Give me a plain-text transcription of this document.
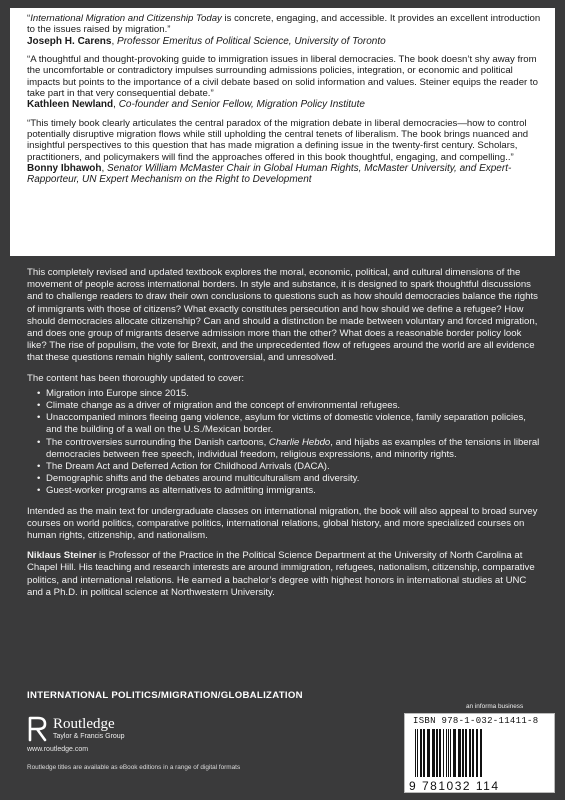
“International Migration and Citizenship Today is concrete, engaging, and accessible. It provides an excellent introduction to the issues raised by migration.”

Joseph H. Carens, Professor Emeritus of Political Science, University of Toronto

“A thoughtful and thought-provoking guide to immigration issues in liberal democracies. The book doesn’t shy away from the uncomfortable or contradictory impulses surrounding admissions policies, integration, or economic and political impacts but points to the importance of a civil debate based on solid information and values. Steiner equips the reader to take part in that very consequential debate.”

Kathleen Newland, Co-founder and Senior Fellow, Migration Policy Institute

“This timely book clearly articulates the central paradox of the migration debate in liberal democracies—how to control potentially disruptive migration flows while still upholding the central tenets of liberalism. The book brings nuanced and insightful perspectives to this question that has made migration a defining issue in the twenty-first century. Scholars, practitioners, and policymakers will find the approaches offered in this book thoughtful, engaging, and compelling..”

Bonny Ibhawoh, Senator William McMaster Chair in Global Human Rights, McMaster University, and Expert-Rapporteur, UN Expert Mechanism on the Right to Development

This completely revised and updated textbook explores the moral, economic, political, and cultural dimensions of the movement of people across international borders. In style and substance, it is designed to spark thoughtful discussions and to challenge readers to draw their own conclusions to questions such as how should democracies balance the rights of immigrants with those of citizens? What exactly constitutes persecution and how should we define a refugee? How should democracies allocate citizenship? Can and should a distinction be made between voluntary and forced migration, and does one group of migrants deserve admission more than the other? What does a reasonable border policy look like? The rise of populism, the vote for Brexit, and the unprecedented flow of refugees around the world are all evidence that these questions remain highly salient, controversial, and unresolved.

The content has been thoroughly updated to cover:

• Migration into Europe since 2015.
• Climate change as a driver of migration and the concept of environmental refugees.
• Unaccompanied minors fleeing gang violence, asylum for victims of domestic violence, family separation policies, and the building of a wall on the U.S./Mexican border.
• The controversies surrounding the Danish cartoons, Charlie Hebdo, and hijabs as examples of the tensions in liberal democracies between free speech, individual freedom, religious expressions, and minority rights.
• The Dream Act and Deferred Action for Childhood Arrivals (DACA).
• Demographic shifts and the debates around multiculturalism and diversity.
• Guest-worker programs as alternatives to admitting immigrants.

Intended as the main text for undergraduate classes on international migration, the book will also appeal to broad survey courses on world politics, comparative politics, international relations, global history, and more specialized courses on human rights, citizenship, and nationalism.

Niklaus Steiner is Professor of the Practice in the Political Science Department at the University of North Carolina at Chapel Hill. His teaching and research interests are around immigration, refugees, nationalism, citizenship, comparative politics, and international relations. He earned a bachelor’s degree with highest honors in international studies at UNC and a Ph.D. in political science at Northwestern University.

INTERNATIONAL POLITICS/MIGRATION/GLOBALIZATION
Routledge
Taylor & Francis Group
www.routledge.com
Routledge titles are available as eBook editions in a range of digital formats
an informa business
ISBN 978-1-032-11411-8
9 781032 114
